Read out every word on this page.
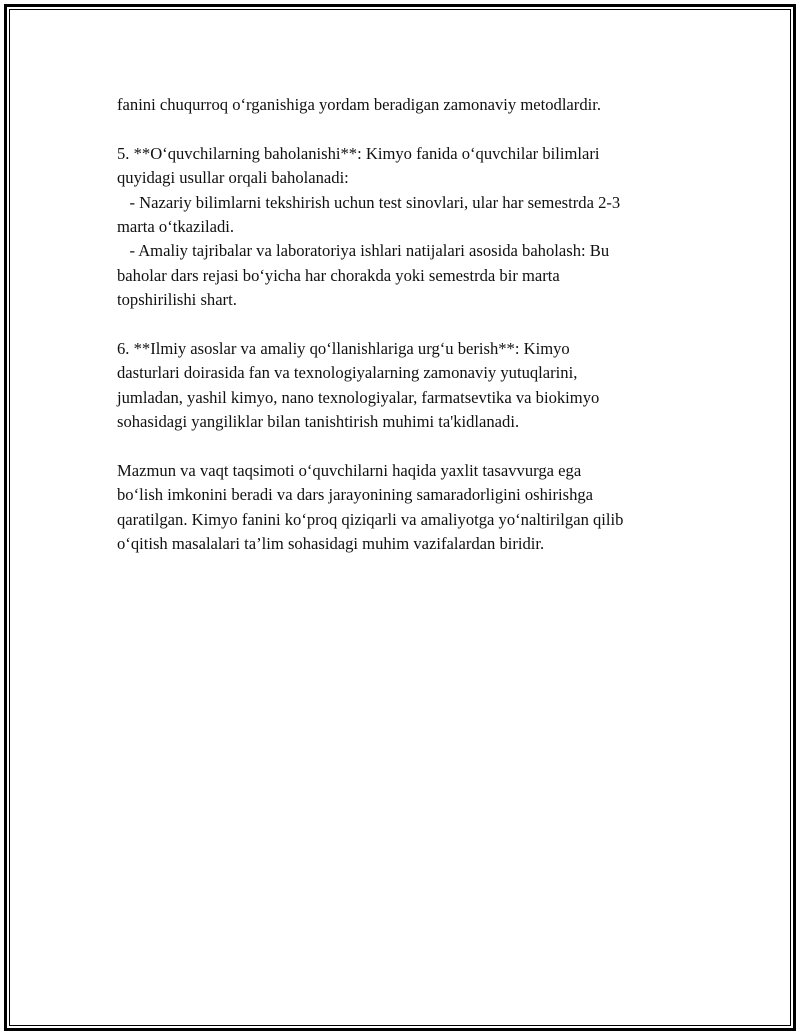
fanini chuqurroq o‘rganishiga yordam beradigan zamonaviy metodlardir.

5. **O‘quvchilarning baholanishi**: Kimyo fanida o‘quvchilar bilimlari
quyidagi usullar orqali baholanadi:
- Nazariy bilimlarni tekshirish uchun test sinovlari, ular har semestrda 2-3
marta o‘tkaziladi.
- Amaliy tajribalar va laboratoriya ishlari natijalari asosida baholash: Bu
baholar dars rejasi bo‘yicha har chorakda yoki semestrda bir marta
topshirilishi shart.

6. **Ilmiy asoslar va amaliy qo‘llanishlariga urg‘u berish**: Kimyo
dasturlari doirasida fan va texnologiyalarning zamonaviy yutuqlarini,
jumladan, yashil kimyo, nano texnologiyalar, farmatsevtika va biokimyo
sohasidagi yangiliklar bilan tanishtirish muhimi ta'kidlanadi.

Mazmun va vaqt taqsimoti o‘quvchilarni haqida yaxlit tasavvurga ega
bo‘lish imkonini beradi va dars jarayonining samaradorligini oshirishga
qaratilgan. Kimyo fanini ko‘proq qiziqarli va amaliyotga yo‘naltirilgan qilib
o‘qitish masalalari ta’lim sohasidagi muhim vazifalardan biridir.
